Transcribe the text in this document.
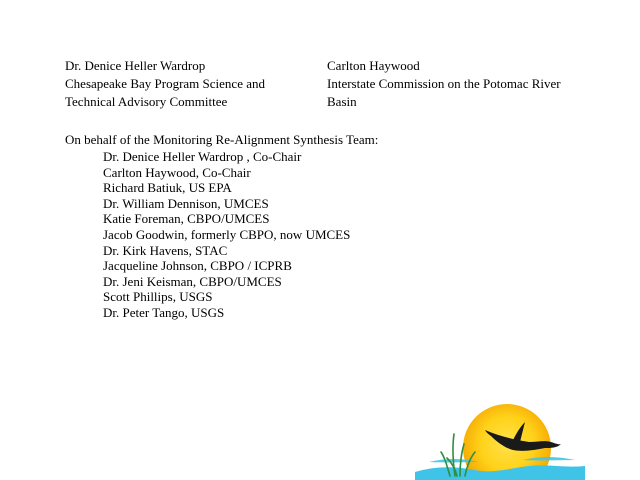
Dr. Denice Heller Wardrop
Chesapeake Bay Program Science and
Technical Advisory Committee
Carlton Haywood
Interstate Commission on the Potomac River
Basin
On behalf of the Monitoring Re-Alignment Synthesis Team:
Dr. Denice Heller Wardrop , Co-Chair
Carlton Haywood, Co-Chair
Richard Batiuk, US EPA
Dr. William Dennison, UMCES
Katie Foreman, CBPO/UMCES
Jacob Goodwin, formerly CBPO, now UMCES
Dr. Kirk Havens, STAC
Jacqueline Johnson, CBPO / ICPRB
Dr. Jeni Keisman, CBPO/UMCES
Scott Phillips, USGS
Dr. Peter Tango, USGS
